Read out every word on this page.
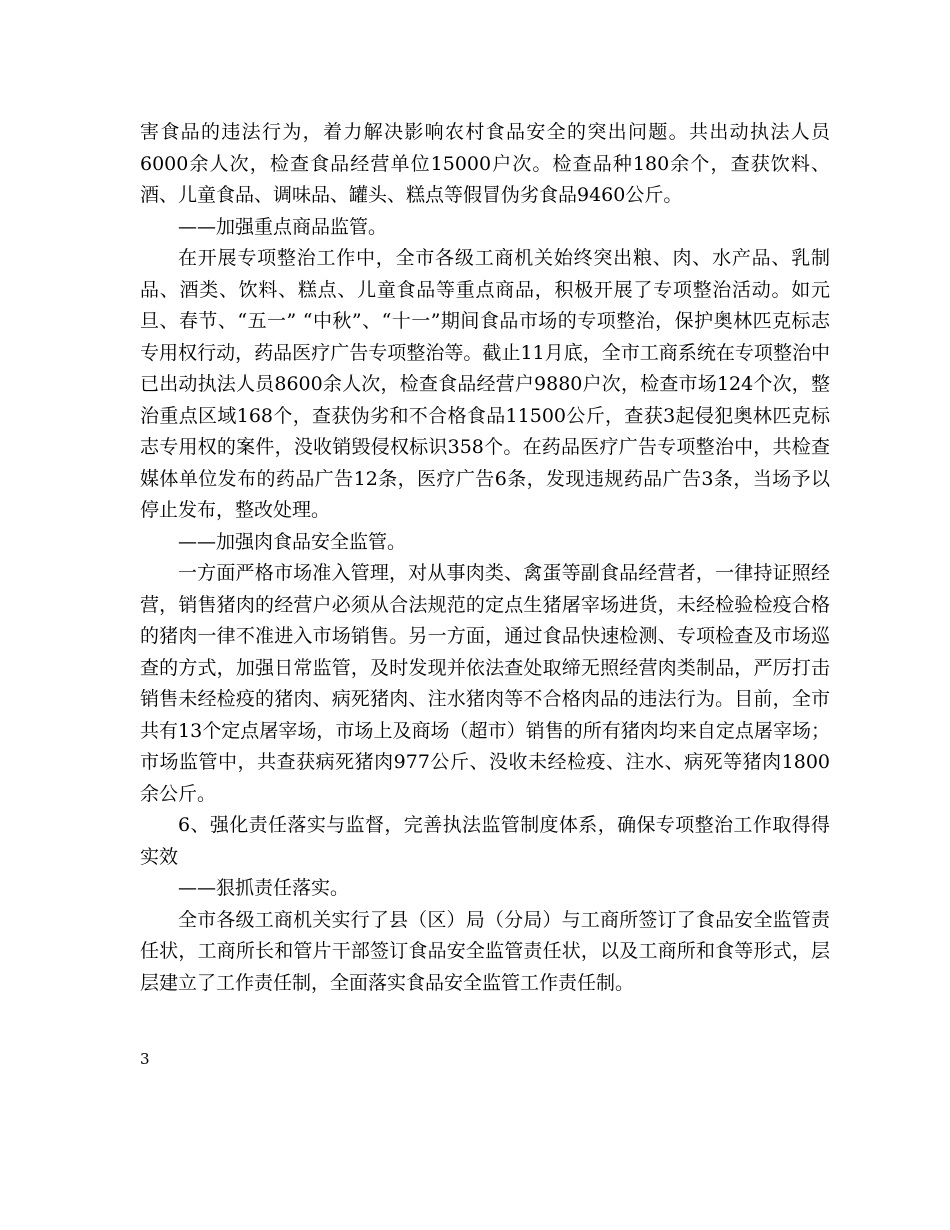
害食品的违法行为，着力解决影响农村食品安全的突出问题。共出动执法人员6000余人次，检查食品经营单位15000户次。检查品种180余个，查获饮料、酒、儿童食品、调味品、罐头、糕点等假冒伪劣食品9460公斤。

——加强重点商品监管。

在开展专项整治工作中，全市各级工商机关始终突出粮、肉、水产品、乳制品、酒类、饮料、糕点、儿童食品等重点商品，积极开展了专项整治活动。如元旦、春节、“五一” “中秋”、“十一”期间食品市场的专项整治，保护奥林匹克标志专用权行动，药品医疗广告专项整治等。截止11月底，全市工商系统在专项整治中已出动执法人员8600余人次，检查食品经营户9880户次，检查市场124个次，整治重点区域168个，查获伪劣和不合格食品11500公斤，查获3起侵犯奥林匹克标志专用权的案件，没收销毁侵权标识358个。在药品医疗广告专项整治中，共检查媒体单位发布的药品广告12条，医疗广告6条，发现违规药品广告3条，当场予以停止发布，整改处理。

——加强肉食品安全监管。

一方面严格市场准入管理，对从事肉类、禽蛋等副食品经营者，一律持证照经营，销售猪肉的经营户必须从合法规范的定点生猪屠宰场进货，未经检验检疫合格的猪肉一律不准进入市场销售。另一方面，通过食品快速检测、专项检查及市场巡查的方式，加强日常监管，及时发现并依法查处取缔无照经营肉类制品，严厉打击销售未经检疫的猪肉、病死猪肉、注水猪肉等不合格肉品的违法行为。目前，全市共有13个定点屠宰场，市场上及商场（超市）销售的所有猪肉均来自定点屠宰场；市场监管中，共查获病死猪肉977公斤、没收未经检疫、注水、病死等猪肉1800余公斤。

6、强化责任落实与监督，完善执法监管制度体系，确保专项整治工作取得得实效

——狠抓责任落实。

全市各级工商机关实行了县（区）局（分局）与工商所签订了食品安全监管责任状，工商所长和管片干部签订食品安全监管责任状，以及工商所和食等形式，层层建立了工作责任制，全面落实食品安全监管工作责任制。

3
